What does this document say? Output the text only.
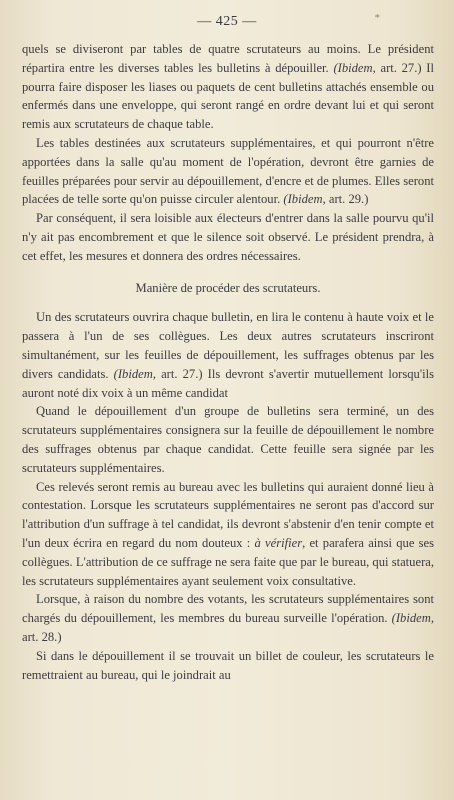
— 425 —	*

quels se diviseront par tables de quatre scrutateurs au moins. Le président répartira entre les diverses tables les bulletins à dépouiller. (Ibidem, art. 27.) Il pourra faire disposer les liases ou paquets de cent bulletins attachés ensemble ou enfermés dans une enveloppe, qui seront rangé en ordre devant lui et qui seront remis aux scrutateurs de chaque table.

Les tables destinées aux scrutateurs supplémentaires, et qui pourront n'être apportées dans la salle qu'au moment de l'opération, devront être garnies de feuilles préparées pour servir au dépouillement, d'encre et de plumes. Elles seront placées de telle sorte qu'on puisse circuler alentour. (Ibidem, art. 29.)

Par conséquent, il sera loisible aux électeurs d'entrer dans la salle pourvu qu'il n'y ait pas encombrement et que le silence soit observé. Le président prendra, à cet effet, les mesures et donnera des ordres nécessaires.

Manière de procéder des scrutateurs.

Un des scrutateurs ouvrira chaque bulletin, en lira le contenu à haute voix et le passera à l'un de ses collègues. Les deux autres scrutateurs inscriront simultanément, sur les feuilles de dépouillement, les suffrages obtenus par les divers candidats. (Ibidem, art. 27.) Ils devront s'avertir mutuellement lorsqu'ils auront noté dix voix à un même candidat

Quand le dépouillement d'un groupe de bulletins sera terminé, un des scrutateurs supplémentaires consignera sur la feuille de dépouillement le nombre des suffrages obtenus par chaque candidat. Cette feuille sera signée par les scrutateurs supplémentaires.

Ces relevés seront remis au bureau avec les bulletins qui auraient donné lieu à contestation. Lorsque les scrutateurs supplémentaires ne seront pas d'accord sur l'attribution d'un suffrage à tel candidat, ils devront s'abstenir d'en tenir compte et l'un deux écrira en regard du nom douteux : à vérifier, et parafera ainsi que ses collègues. L'attribution de ce suffrage ne sera faite que par le bureau, qui statuera, les scrutateurs supplémentaires ayant seulement voix consultative.

Lorsque, à raison du nombre des votants, les scrutateurs supplémentaires sont chargés du dépouillement, les membres du bureau surveille l'opération. (Ibidem, art. 28.)

Si dans le dépouillement il se trouvait un billet de couleur, les scrutateurs le remettraient au bureau, qui le joindrait au
